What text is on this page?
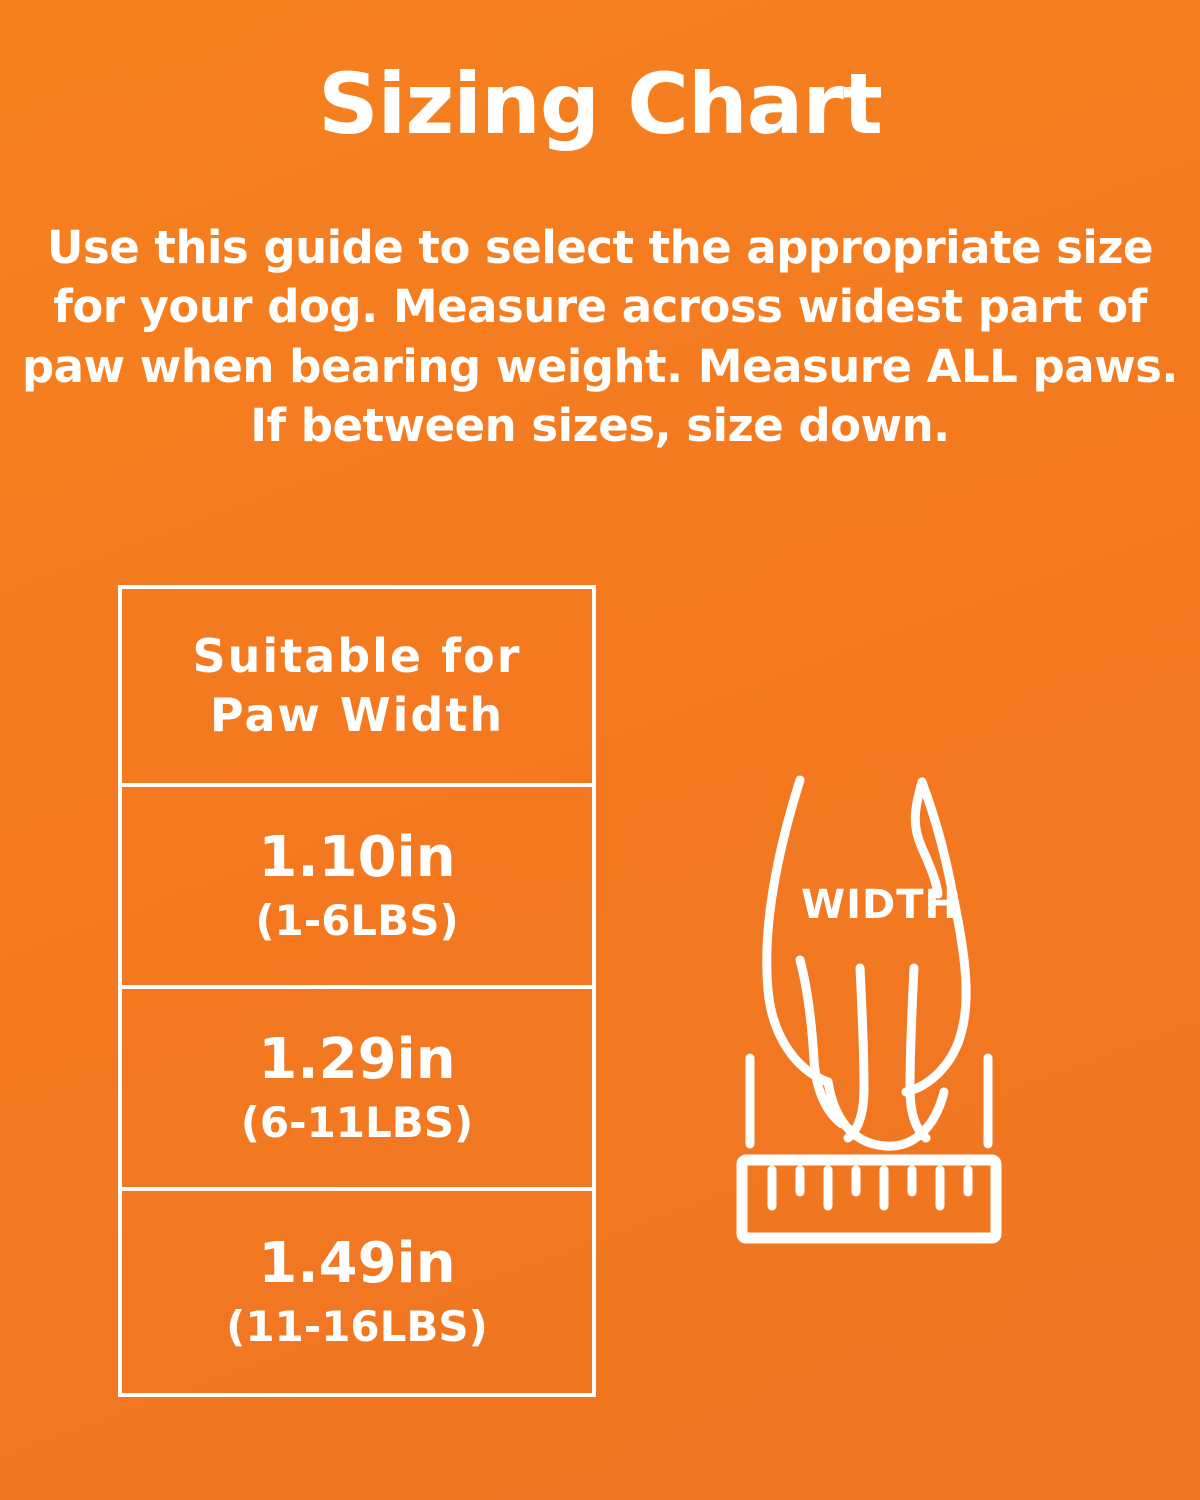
Sizing Chart
Use this guide to select the appropriate size for your dog. Measure across widest part of paw when bearing weight. Measure ALL paws. If between sizes, size down.
Suitable for
Paw Width
1.10in
(1-6LBS)
1.29in
(6-11LBS)
1.49in
(11-16LBS)
WIDTH
